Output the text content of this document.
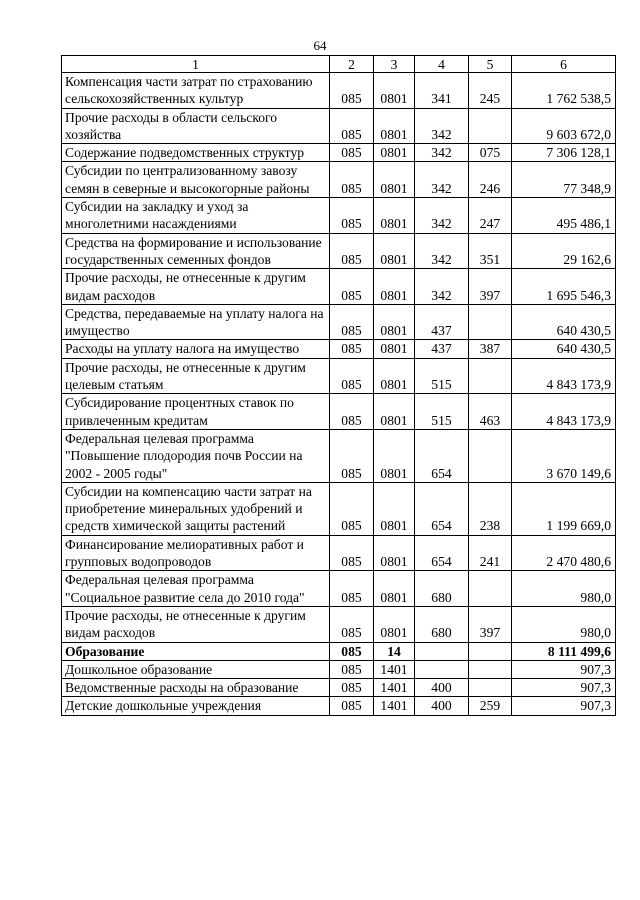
64
1	2	3	4	5	6
Компенсация части затрат по страхованию сельскохозяйственных культур	085	0801	341	245	1 762 538,5
Прочие расходы в области сельского хозяйства	085	0801	342		9 603 672,0
Содержание подведомственных структур	085	0801	342	075	7 306 128,1
Субсидии по централизованному завозу семян в северные и высокогорные районы	085	0801	342	246	77 348,9
Субсидии на закладку и уход за многолетними насаждениями	085	0801	342	247	495 486,1
Средства на формирование и использование государственных семенных фондов	085	0801	342	351	29 162,6
Прочие расходы, не отнесенные к другим видам расходов	085	0801	342	397	1 695 546,3
Средства, передаваемые на уплату налога на имущество	085	0801	437		640 430,5
Расходы на уплату налога на имущество	085	0801	437	387	640 430,5
Прочие расходы, не отнесенные к другим целевым статьям	085	0801	515		4 843 173,9
Субсидирование процентных ставок по привлеченным кредитам	085	0801	515	463	4 843 173,9
Федеральная целевая программа "Повышение плодородия почв России на 2002 - 2005 годы"	085	0801	654		3 670 149,6
Субсидии на компенсацию части затрат на приобретение минеральных удобрений и средств химической защиты растений	085	0801	654	238	1 199 669,0
Финансирование мелиоративных работ и групповых водопроводов	085	0801	654	241	2 470 480,6
Федеральная целевая программа "Социальное развитие села до 2010 года"	085	0801	680		980,0
Прочие расходы, не отнесенные к другим видам расходов	085	0801	680	397	980,0
Образование	085	14			8 111 499,6
Дошкольное образование	085	1401			907,3
Ведомственные расходы на образование	085	1401	400		907,3
Детские дошкольные учреждения	085	1401	400	259	907,3
